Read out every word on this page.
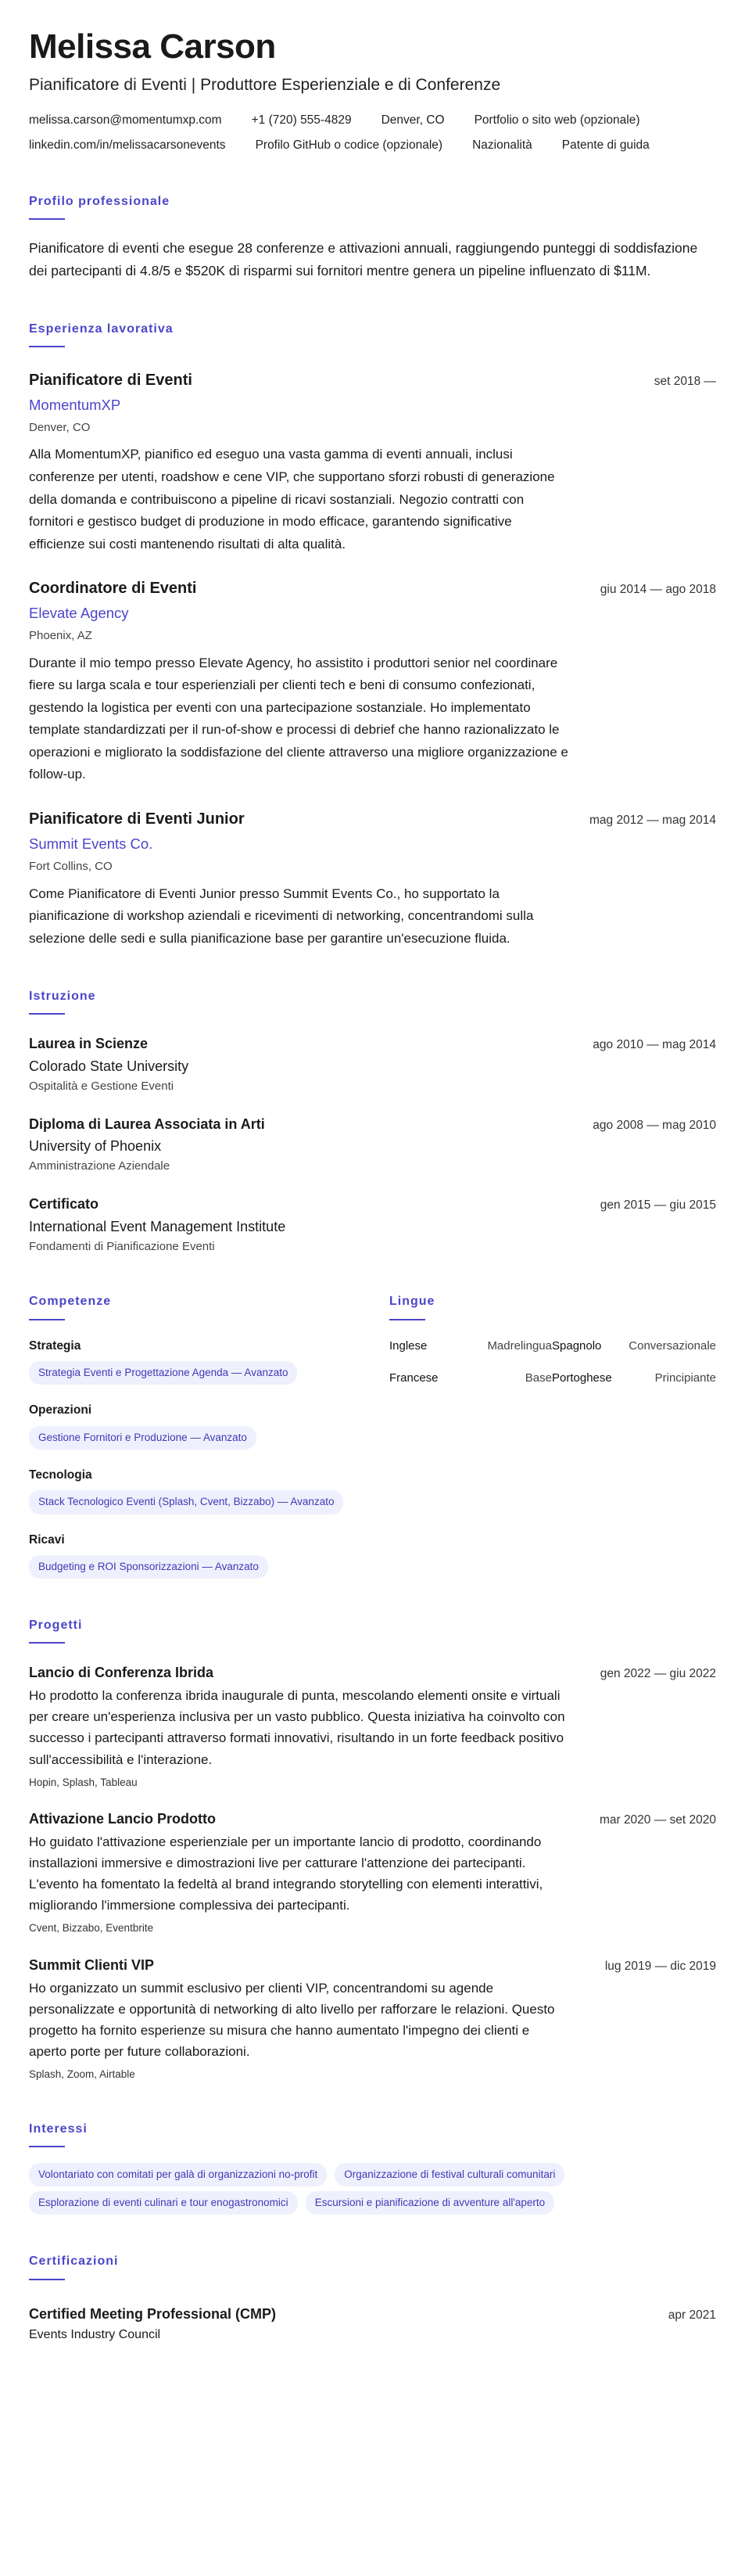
Melissa Carson
Pianificatore di Eventi | Produttore Esperienziale e di Conferenze
melissa.carson@momentumxp.com +1 (720) 555-4829 Denver, CO Portfolio o sito web (opzionale)
linkedin.com/in/melissacarsonevents Profilo GitHub o codice (opzionale) Nazionalità Patente di guida
Profilo professionale

Pianificatore di eventi che esegue 28 conferenze e attivazioni annuali, raggiungendo punteggi di soddisfazione dei partecipanti di 4.8/5 e $520K di risparmi sui fornitori mentre genera un pipeline influenzato di $11M.

Esperienza lavorativa
Pianificatore di Eventi	set 2018 —
MomentumXP
Denver, CO

Alla MomentumXP, pianifico ed eseguo una vasta gamma di eventi annuali, inclusi conferenze per utenti, roadshow e cene VIP, che supportano sforzi robusti di generazione della domanda e contribuiscono a pipeline di ricavi sostanziali. Negozio contratti con fornitori e gestisco budget di produzione in modo efficace, garantendo significative efficienze sui costi mantenendo risultati di alta qualità.

Coordinatore di Eventi	giu 2014 — ago 2018
Elevate Agency
Phoenix, AZ

Durante il mio tempo presso Elevate Agency, ho assistito i produttori senior nel coordinare fiere su larga scala e tour esperienziali per clienti tech e beni di consumo confezionati, gestendo la logistica per eventi con una partecipazione sostanziale. Ho implementato template standardizzati per il run-of-show e processi di debrief che hanno razionalizzato le operazioni e migliorato la soddisfazione del cliente attraverso una migliore organizzazione e follow-up.

Pianificatore di Eventi Junior	mag 2012 — mag 2014
Summit Events Co.
Fort Collins, CO

Come Pianificatore di Eventi Junior presso Summit Events Co., ho supportato la pianificazione di workshop aziendali e ricevimenti di networking, concentrandomi sulla selezione delle sedi e sulla pianificazione base per garantire un'esecuzione fluida.

Istruzione
Laurea in Scienze	ago 2010 — mag 2014
Colorado State University
Ospitalità e Gestione Eventi
Diploma di Laurea Associata in Arti	ago 2008 — mag 2010
University of Phoenix
Amministrazione Aziendale
Certificato	gen 2015 — giu 2015
International Event Management Institute
Fondamenti di Pianificazione Eventi
Competenze
Strategia
Strategia Eventi e Progettazione Agenda — Avanzato
Operazioni
Gestione Fornitori e Produzione — Avanzato
Tecnologia
Stack Tecnologico Eventi (Splash, Cvent, Bizzabo) — Avanzato
Ricavi
Budgeting e ROI Sponsorizzazioni — Avanzato
Lingue
Inglese	Madrelingua Spagnolo	Conversazionale
Francese	Base Portoghese	Principiante
Progetti
Lancio di Conferenza Ibrida	gen 2022 — giu 2022

Ho prodotto la conferenza ibrida inaugurale di punta, mescolando elementi onsite e virtuali per creare un'esperienza inclusiva per un vasto pubblico. Questa iniziativa ha coinvolto con successo i partecipanti attraverso formati innovativi, risultando in un forte feedback positivo sull'accessibilità e l'interazione.

Hopin, Splash, Tableau
Attivazione Lancio Prodotto	mar 2020 — set 2020

Ho guidato l'attivazione esperienziale per un importante lancio di prodotto, coordinando installazioni immersive e dimostrazioni live per catturare l'attenzione dei partecipanti. L'evento ha fomentato la fedeltà al brand integrando storytelling con elementi interattivi, migliorando l'immersione complessiva dei partecipanti.

Cvent, Bizzabo, Eventbrite
Summit Clienti VIP	lug 2019 — dic 2019

Ho organizzato un summit esclusivo per clienti VIP, concentrandomi su agende personalizzate e opportunità di networking di alto livello per rafforzare le relazioni. Questo progetto ha fornito esperienze su misura che hanno aumentato l'impegno dei clienti e aperto porte per future collaborazioni.

Splash, Zoom, Airtable
Interessi
Volontariato con comitati per galà di organizzazioni no-profit	Organizzazione di festival culturali comunitari
Esplorazione di eventi culinari e tour enogastronomici	Escursioni e pianificazione di avventure all'aperto
Certificazioni
Certified Meeting Professional (CMP)	apr 2021
Events Industry Council
